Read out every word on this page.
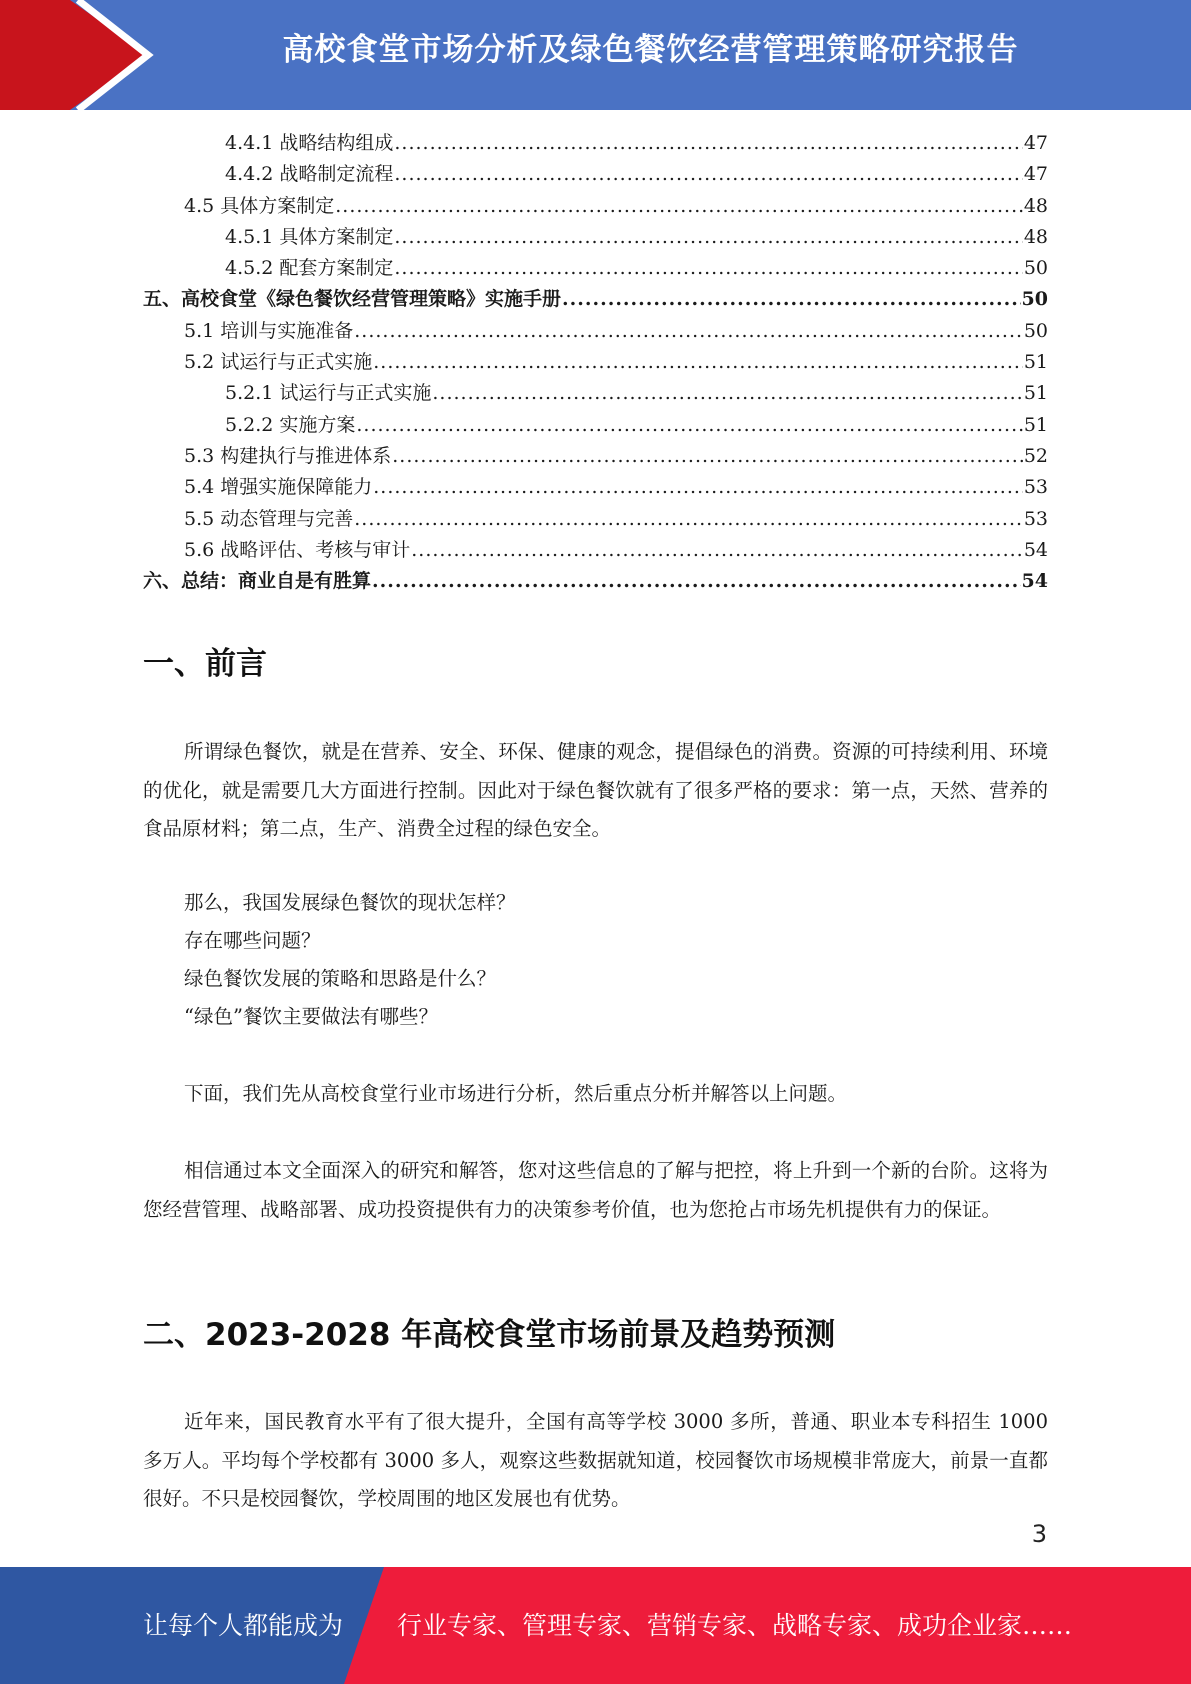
高校食堂市场分析及绿色餐饮经营管理策略研究报告
4.4.1 战略结构组成 .....	47
4.4.2 战略制定流程 .....	47
4.5 具体方案制定 .....	48
4.5.1 具体方案制定 .....	48
4.5.2 配套方案制定 .....	50
五、高校食堂《绿色餐饮经营管理策略》实施手册 .....	50
5.1 培训与实施准备 .....	50
5.2 试运行与正式实施 .....	51
5.2.1 试运行与正式实施 .....	51
5.2.2 实施方案 .....	51
5.3 构建执行与推进体系 .....	52
5.4 增强实施保障能力 .....	53
5.5 动态管理与完善 .....	53
5.6 战略评估、考核与审计 .....	54
六、总结：商业自是有胜算 .....	54
一、前言
所谓绿色餐饮，就是在营养、安全、环保、健康的观念，提倡绿色的消费。资源的可持续利用、环境的优化，就是需要几大方面进行控制。因此对于绿色餐饮就有了很多严格的要求：第一点，天然、营养的食品原材料；第二点，生产、消费全过程的绿色安全。
那么，我国发展绿色餐饮的现状怎样？
存在哪些问题？
绿色餐饮发展的策略和思路是什么？
“绿色”餐饮主要做法有哪些？
下面，我们先从高校食堂行业市场进行分析，然后重点分析并解答以上问题。
相信通过本文全面深入的研究和解答，您对这些信息的了解与把控，将上升到一个新的台阶。这将为您经营管理、战略部署、成功投资提供有力的决策参考价值，也为您抢占市场先机提供有力的保证。
二、2023-2028 年高校食堂市场前景及趋势预测
近年来，国民教育水平有了很大提升，全国有高等学校 3000 多所，普通、职业本专科招生 1000 多万人。平均每个学校都有 3000 多人，观察这些数据就知道，校园餐饮市场规模非常庞大，前景一直都很好。不只是校园餐饮，学校周围的地区发展也有优势。
3
让每个人都能成为 行业专家、管理专家、营销专家、战略专家、成功企业家……
